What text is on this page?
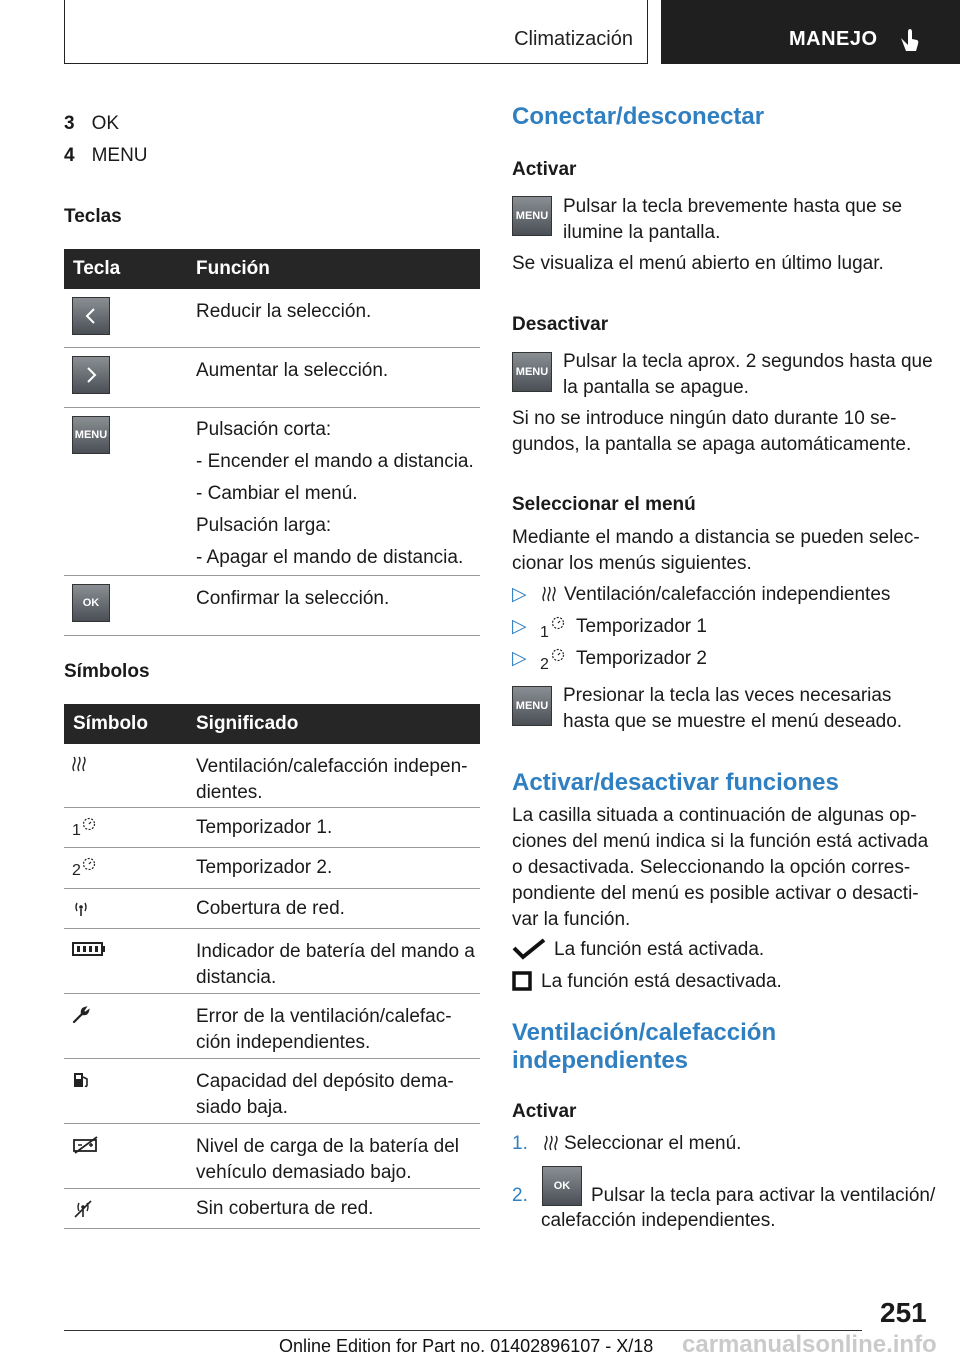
Climatización	MANEJO
3 OK
4 MENU
Teclas
Tecla	Función
Reducir la selección.
Aumentar la selección.
MENU	Pulsación corta:
- Encender el mando a distancia.
- Cambiar el menú.
Pulsación larga:
- Apagar el mando de distancia.
OK	Confirmar la selección.
Símbolos
Símbolo	Significado
Ventilación/calefacción indepen-
dientes.
1	Temporizador 1.
2	Temporizador 2.
Cobertura de red.
Indicador de batería del mando a
distancia.
Error de la ventilación/calefac-
ción independientes.
Capacidad del depósito dema-
siado baja.
Nivel de carga de la batería del
vehículo demasiado bajo.
Sin cobertura de red.
Conectar/desconectar
Activar
MENU Pulsar la tecla brevemente hasta que se
ilumine la pantalla.
Se visualiza el menú abierto en último lugar.
Desactivar
MENU Pulsar la tecla aprox. 2 segundos hasta que
la pantalla se apague.
Si no se introduce ningún dato durante 10 se-
gundos, la pantalla se apaga automáticamente.
Seleccionar el menú
Mediante el mando a distancia se pueden selec-
cionar los menús siguientes.
▷ Ventilación/calefacción independientes
▷ 1 Temporizador 1
▷ 2 Temporizador 2
MENU Presionar la tecla las veces necesarias
hasta que se muestre el menú deseado.
Activar/desactivar funciones
La casilla situada a continuación de algunas op-
ciones del menú indica si la función está activada
o desactivada. Seleccionando la opción corres-
pondiente del menú es posible activar o desacti-
var la función.
La función está activada.
La función está desactivada.
Ventilación/calefacción
independientes
Activar
1. Seleccionar el menú.
2.	OK	Pulsar la tecla para activar la ventilación/
calefacción independientes.
251
Online Edition for Part no. 01402896107 - X/18 carmanualsonline.info
